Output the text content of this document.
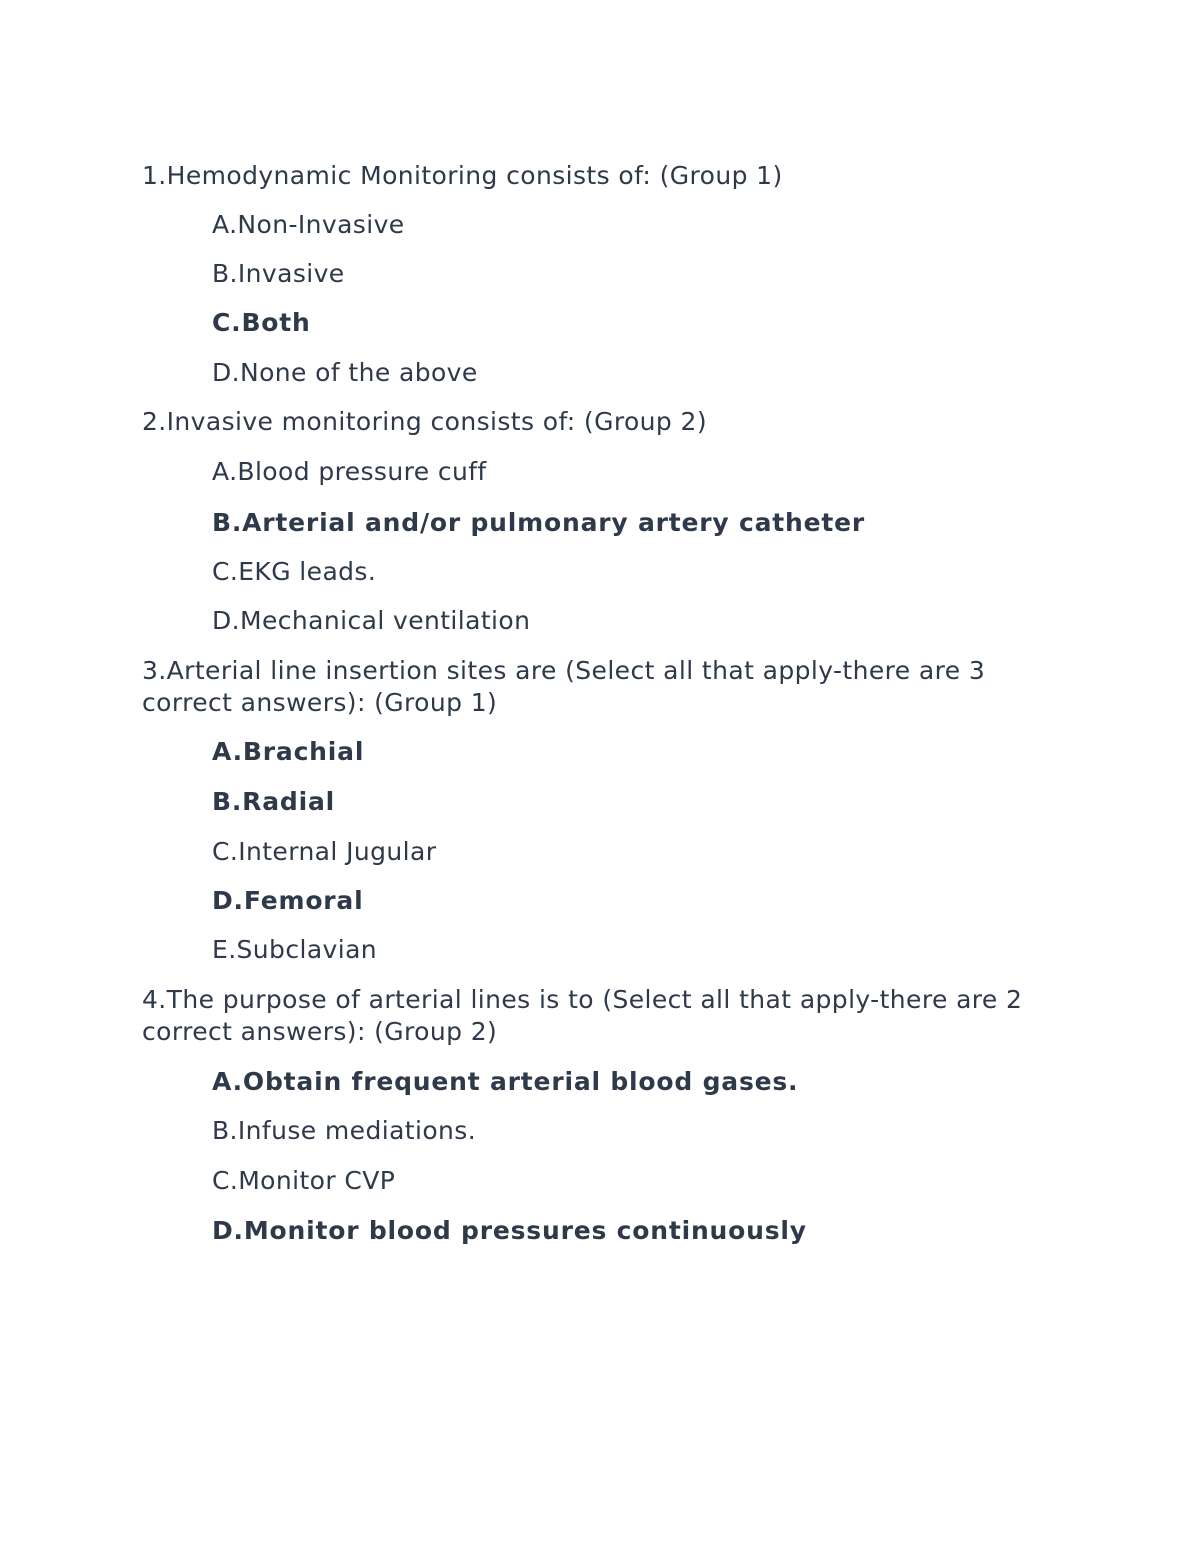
1.Hemodynamic Monitoring consists of: (Group 1)
A.Non-Invasive
B.Invasive
C.Both
D.None of the above
2.Invasive monitoring consists of: (Group 2)
A.Blood pressure cuff
B.Arterial and/or pulmonary artery catheter
C.EKG leads.
D.Mechanical ventilation
3.Arterial line insertion sites are (Select all that apply-there are 3 correct answers): (Group 1)
A.Brachial
B.Radial
C.Internal Jugular
D.Femoral
E.Subclavian
4.The purpose of arterial lines is to (Select all that apply-there are 2 correct answers): (Group 2)
A.Obtain frequent arterial blood gases.
B.Infuse mediations.
C.Monitor CVP
D.Monitor blood pressures continuously
